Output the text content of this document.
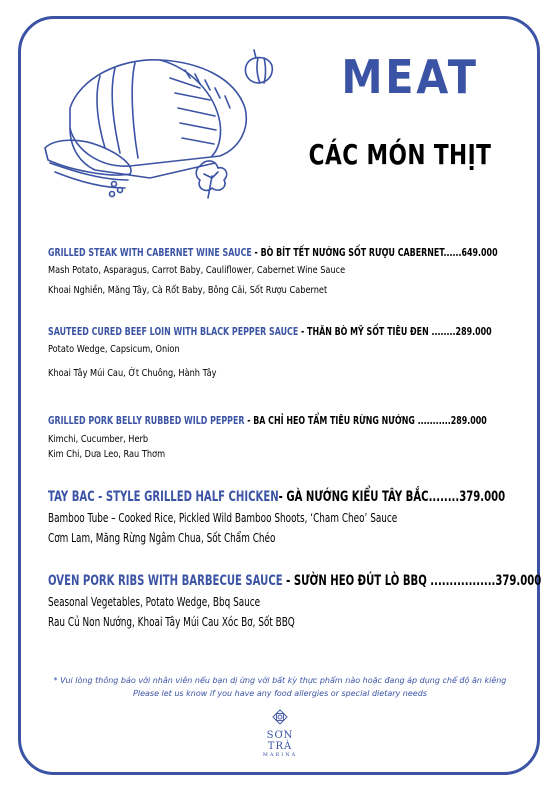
MEAT
CÁC MÓN THỊT
GRILLED STEAK WITH CABERNET WINE SAUCE - BÒ BÍT TẾT NƯỚNG SỐT RƯỢU CABERNET......649.000
Mash Potato, Asparagus, Carrot Baby, Cauliflower, Cabernet Wine Sauce
Khoai Nghiền, Măng Tây, Cà Rốt Baby, Bông Cải, Sốt Rượu Cabernet
SAUTEED CURED BEEF LOIN WITH BLACK PEPPER SAUCE - THĂN BÒ MỸ SỐT TIÊU ĐEN ........289.000
Potato Wedge, Capsicum, Onion
Khoai Tây Múi Cau, Ớt Chuông, Hành Tây
GRILLED PORK BELLY RUBBED WILD PEPPER - BA CHỈ HEO TẨM TIÊU RỪNG NƯỚNG ...........289.000
Kimchi, Cucumber, Herb
Kim Chi, Dưa Leo, Rau Thơm
TAY BAC - STYLE GRILLED HALF CHICKEN- GÀ NƯỚNG KIỂU TÂY BẮC........379.000
Bamboo Tube – Cooked Rice, Pickled Wild Bamboo Shoots, ‘Cham Cheo’ Sauce
Cơm Lam, Măng Rừng Ngâm Chua, Sốt Chẩm Chéo
OVEN PORK RIBS WITH BARBECUE SAUCE - SƯỜN HEO ĐÚT LÒ BBQ .................379.000
Seasonal Vegetables, Potato Wedge, Bbq Sauce
Rau Củ Non Nướng, Khoai Tây Múi Cau Xóc Bơ, Sốt BBQ
* Vui lòng thông báo với nhân viên nếu bạn dị ứng với bất kỳ thực phẩm nào hoặc đang áp dụng chế độ ăn kiêng
Please let us know if you have any food allergies or special dietary needs
SƠN TRÀ
MARINA
